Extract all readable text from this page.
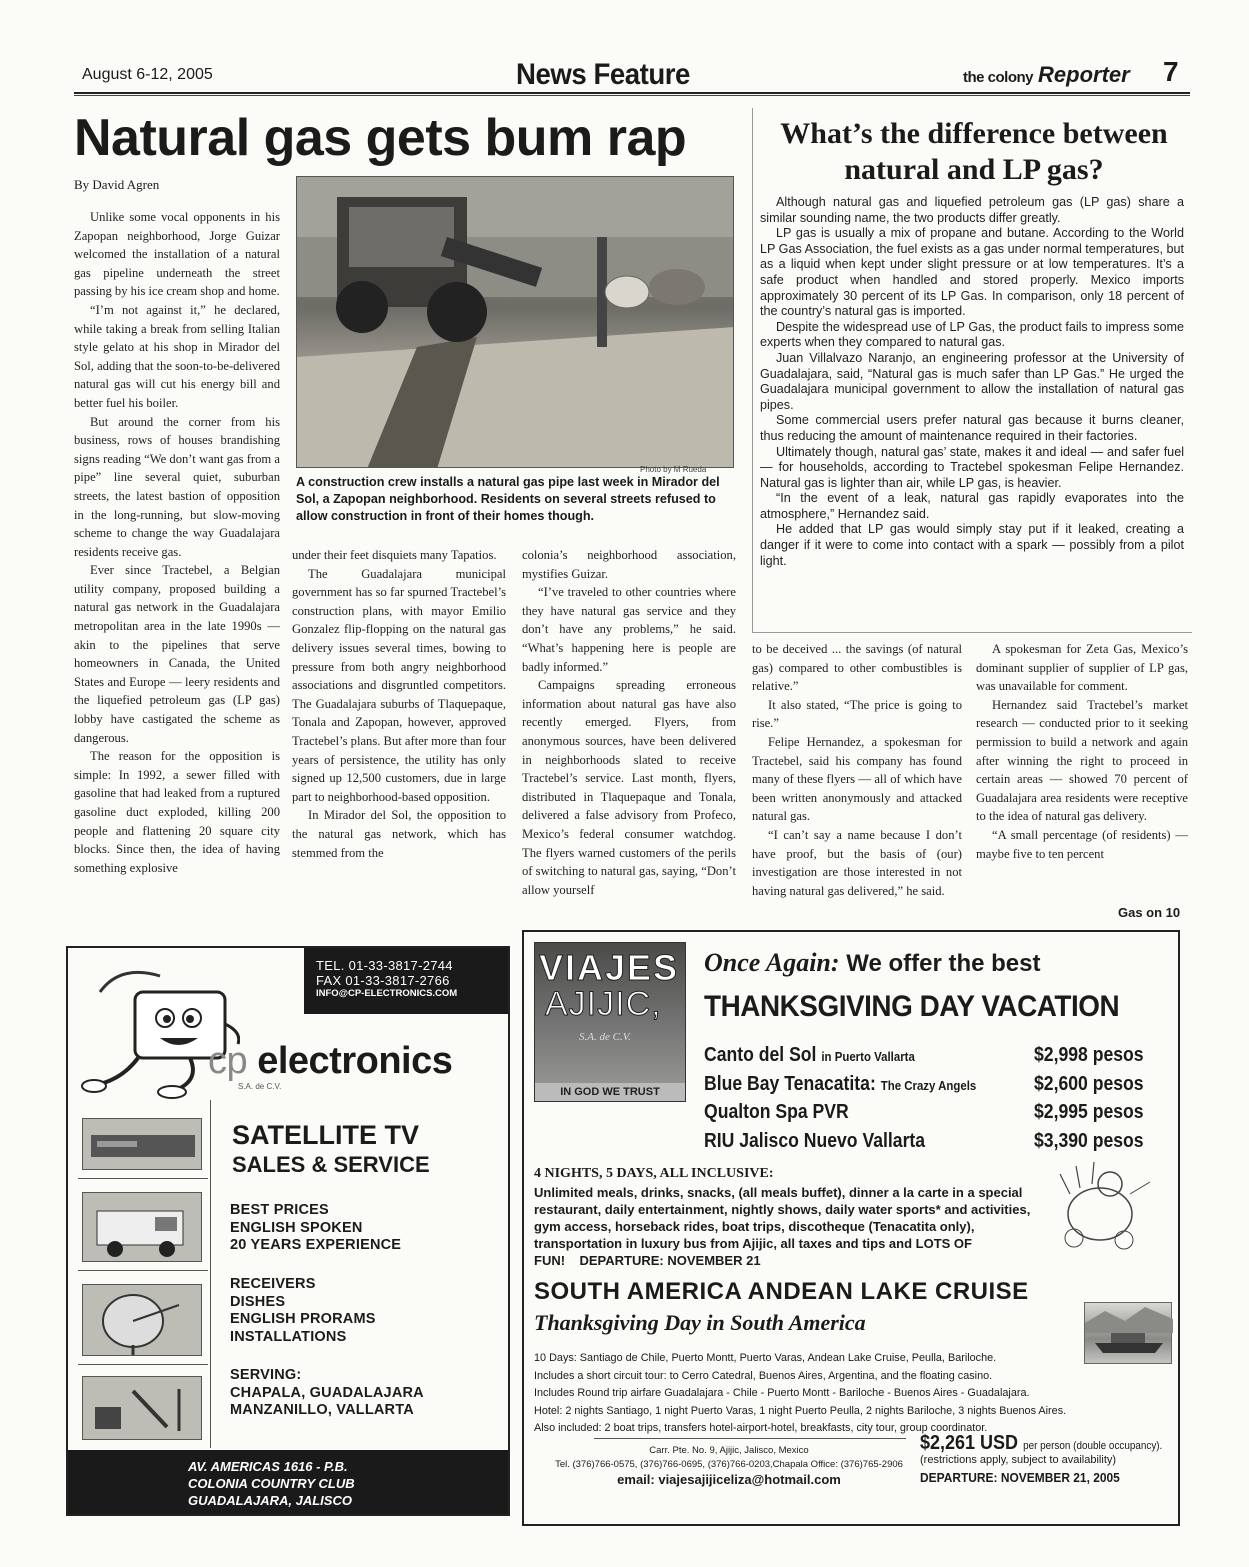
August 6-12, 2005	News Feature	the colony Reporter 7
Natural gas gets bum rap
By David Agren
Photo by M Rueda
A construction crew installs a natural gas pipe last week in Mirador del Sol, a Zapopan neighborhood. Residents on several streets refused to allow construction in front of their homes though.

Unlike some vocal opponents in his Zapopan neighborhood, Jorge Guizar welcomed the installation of a natural gas pipeline underneath the street passing by his ice cream shop and home.

“I’m not against it,” he declared, while taking a break from selling Italian style gelato at his shop in Mirador del Sol, adding that the soon-to-be-delivered natural gas will cut his energy bill and better fuel his boiler.

But around the corner from his business, rows of houses brandishing signs reading “We don’t want gas from a pipe” line several quiet, suburban streets, the latest bastion of opposition in the long-running, but slow-moving scheme to change the way Guadalajara residents receive gas.

Ever since Tractebel, a Belgian utility company, proposed building a natural gas network in the Guadalajara metropolitan area in the late 1990s — akin to the pipelines that serve homeowners in Canada, the United States and Europe — leery residents and the liquefied petroleum gas (LP gas) lobby have castigated the scheme as dangerous.

The reason for the opposition is simple: In 1992, a sewer filled with gasoline that had leaked from a ruptured gasoline duct exploded, killing 200 people and flattening 20 square city blocks. Since then, the idea of having something explosive

under their feet disquiets many Tapatios.

The Guadalajara municipal government has so far spurned Tractebel’s construction plans, with mayor Emilio Gonzalez flip-flopping on the natural gas delivery issues several times, bowing to pressure from both angry neighborhood associations and disgruntled competitors. The Guadalajara suburbs of Tlaquepaque, Tonala and Zapopan, however, approved Tractebel’s plans. But after more than four years of persistence, the utility has only signed up 12,500 customers, due in large part to neighborhood-based opposition.

In Mirador del Sol, the opposition to the natural gas network, which has stemmed from the

colonia’s neighborhood association, mystifies Guizar.

“I’ve traveled to other countries where they have natural gas service and they don’t have any problems,” he said. “What’s happening here is people are badly informed.”

Campaigns spreading erroneous information about natural gas have also recently emerged. Flyers, from anonymous sources, have been delivered in neighborhoods slated to receive Tractebel’s service. Last month, flyers, distributed in Tlaquepaque and Tonala, delivered a false advisory from Profeco, Mexico’s federal consumer watchdog. The flyers warned customers of the perils of switching to natural gas, saying, “Don’t allow yourself

to be deceived ... the savings (of natural gas) compared to other combustibles is relative.”

It also stated, “The price is going to rise.”

Felipe Hernandez, a spokesman for Tractebel, said his company has found many of these flyers — all of which have been written anonymously and attacked natural gas.

“I can’t say a name because I don’t have proof, but the basis of (our) investigation are those interested in not having natural gas delivered,” he said.

A spokesman for Zeta Gas, Mexico’s dominant supplier of supplier of LP gas, was unavailable for comment.

Hernandez said Tractebel’s market research — conducted prior to it seeking permission to build a network and again after winning the right to proceed in certain areas — showed 70 percent of Guadalajara area residents were receptive to the idea of natural gas delivery.

“A small percentage (of residents) — maybe five to ten percent

Gas on 10
What’s the difference between natural and LP gas?

Although natural gas and liquefied petroleum gas (LP gas) share a similar sounding name, the two products differ greatly.

LP gas is usually a mix of propane and butane. According to the World LP Gas Association, the fuel exists as a gas under normal temperatures, but as a liquid when kept under slight pressure or at low temperatures. It’s a safe product when handled and stored properly. Mexico imports approximately 30 percent of its LP Gas. In comparison, only 18 percent of the country’s natural gas is imported.

Despite the widespread use of LP Gas, the product fails to impress some experts when they compared to natural gas.

Juan Villalvazo Naranjo, an engineering professor at the University of Guadalajara, said, “Natural gas is much safer than LP Gas.” He urged the Guadalajara municipal government to allow the installation of natural gas pipes.

Some commercial users prefer natural gas because it burns cleaner, thus reducing the amount of maintenance required in their factories.

Ultimately though, natural gas’ state, makes it and ideal — and safer fuel — for households, according to Tractebel spokesman Felipe Hernandez. Natural gas is lighter than air, while LP gas, is heavier.

“In the event of a leak, natural gas rapidly evaporates into the atmosphere,” Hernandez said.

He added that LP gas would simply stay put if it leaked, creating a danger if it were to come into contact with a spark — possibly from a pilot light.

TEL. 01-33-3817-2744
FAX 01-33-3817-2766
INFO@CP-ELECTRONICS.COM
cp electronics
S.A. de C.V.
SATELLITE TV
SALES & SERVICE
BEST PRICES
ENGLISH SPOKEN
20 YEARS EXPERIENCE
RECEIVERS
DISHES
ENGLISH PRORAMS
INSTALLATIONS
SERVING:
CHAPALA, GUADALAJARA
MANZANILLO, VALLARTA
AV. AMERICAS 1616 - P.B.
COLONIA COUNTRY CLUB
GUADALAJARA, JALISCO
VIAJES
AJIJIC,
S.A. de C.V.
IN GOD WE TRUST
Once Again: We offer the best
THANKSGIVING DAY VACATION
Canto del Sol in Puerto Vallarta	$2,998 pesos
Blue Bay Tenacatita: The Crazy Angels	$2,600 pesos
Qualton Spa PVR	$2,995 pesos
RIU Jalisco Nuevo Vallarta	$3,390 pesos
4 NIGHTS, 5 DAYS, ALL INCLUSIVE:
Unlimited meals, drinks, snacks, (all meals buffet), dinner a la carte in a special restaurant, daily entertainment, nightly shows, daily water sports* and activities, gym access, horseback rides, boat trips, discotheque (Tenacatita only), transportation in luxury bus from Ajijic, all taxes and tips and LOTS OF FUN! DEPARTURE: NOVEMBER 21
SOUTH AMERICA ANDEAN LAKE CRUISE
Thanksgiving Day in South America
10 Days: Santiago de Chile, Puerto Montt, Puerto Varas, Andean Lake Cruise, Peulla, Bariloche.
Includes a short circuit tour: to Cerro Catedral, Buenos Aires, Argentina, and the floating casino.
Includes Round trip airfare Guadalajara - Chile - Puerto Montt - Bariloche - Buenos Aires - Guadalajara.
Hotel: 2 nights Santiago, 1 night Puerto Varas, 1 night Puerto Peulla, 2 nights Bariloche, 3 nights Buenos Aires.
Also included: 2 boat trips, transfers hotel-airport-hotel, breakfasts, city tour, group coordinator.
Carr. Pte. No. 9, Ajijic, Jalisco, Mexico
Tel. (376)766-0575, (376)766-0695, (376)766-0203,Chapala Office: (376)765-2906
email: viajesajijiceliza@hotmail.com
$2,261 USD per person (double occupancy).
(restrictions apply, subject to availability)
DEPARTURE: NOVEMBER 21, 2005
